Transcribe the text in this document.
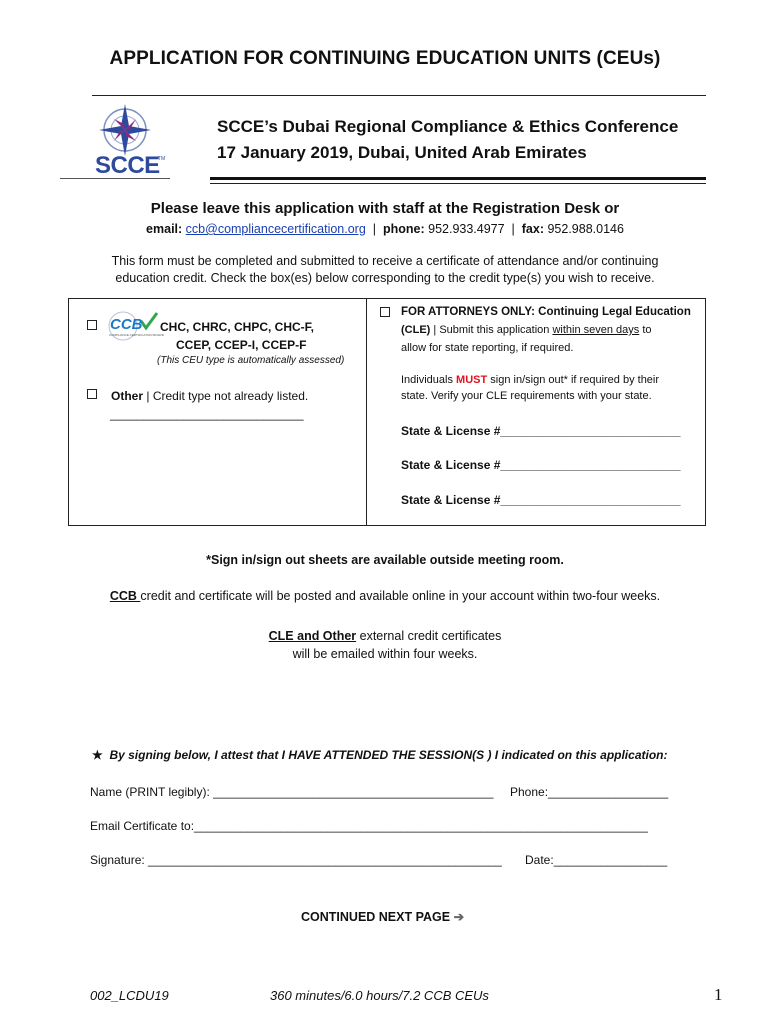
APPLICATION FOR CONTINUING EDUCATION UNITS (CEUs)
SCCE
TM
SCCE’s Dubai Regional Compliance & Ethics Conference
17 January 2019, Dubai, United Arab Emirates
Please leave this application with staff at the Registration Desk or
email: ccb@compliancecertification.org | phone: 952.933.4977 | fax: 952.988.0146
This form must be completed and submitted to receive a certificate of attendance and/or continuing
education credit. Check the box(es) below corresponding to the credit type(s) you wish to receive.
CCB
COMPLIANCE CERTIFICATION BOARD
CHC, CHRC, CHPC, CHC-F,
CCEP, CCEP-I, CCEP-F
(This CEU type is automatically assessed)
Other | Credit type not already listed.
_____________________________
FOR ATTORNEYS ONLY: Continuing Legal Education
(CLE) | Submit this application within seven days to
allow for state reporting, if required.
Individuals MUST sign in/sign out* if required by their
state. Verify your CLE requirements with your state.
State & License #___________________________
State & License #___________________________
State & License #___________________________
*Sign in/sign out sheets are available outside meeting room.
CCB credit and certificate will be posted and available online in your account within two-four weeks.
CLE and Other external credit certificates
will be emailed within four weeks.
★ By signing below, I attest that I HAVE ATTENDED THE SESSION(S ) I indicated on this application:
Name (PRINT legibly): __________________________________________ Phone:__________________
Email Certificate to:____________________________________________________________________
Signature: _____________________________________________________ Date:_________________
CONTINUED NEXT PAGE ➔
002_LCDU19	360 minutes/6.0 hours/7.2 CCB CEUs	1
